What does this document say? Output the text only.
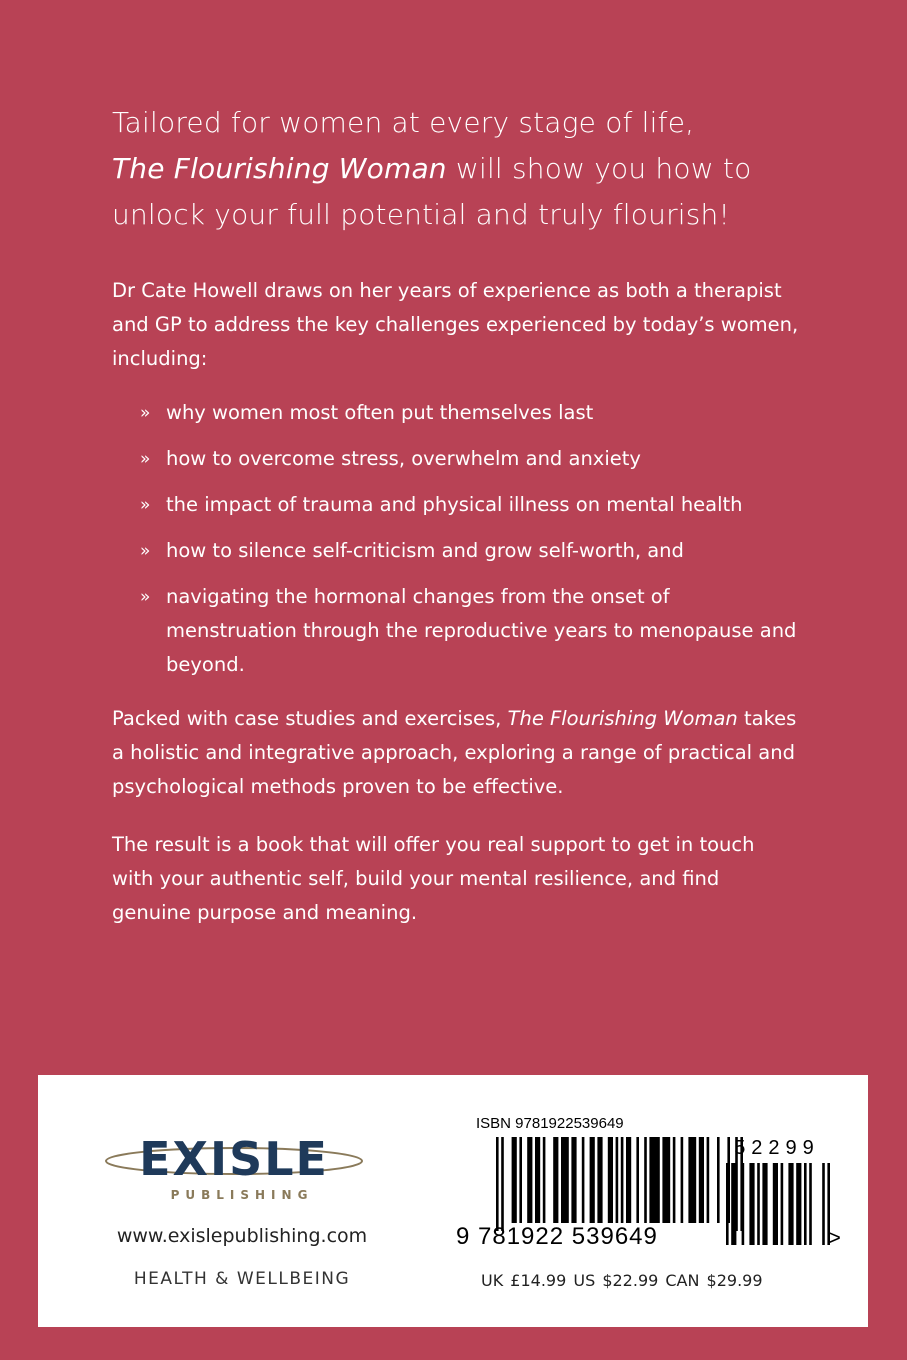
Tailored for women at every stage of life,
The Flourishing Woman will show you how to
unlock your full potential and truly flourish!

Dr Cate Howell draws on her years of experience as both a therapist and GP to address the key challenges experienced by today’s women, including:

» why women most often put themselves last
» how to overcome stress, overwhelm and anxiety
» the impact of trauma and physical illness on mental health
» how to silence self-criticism and grow self-worth, and
» navigating the hormonal changes from the onset of menstruation through the reproductive years to menopause and beyond.

Packed with case studies and exercises, The Flourishing Woman takes a holistic and integrative approach, exploring a range of practical and psychological methods proven to be effective.

The result is a book that will offer you real support to get in touch with your authentic self, build your mental resilience, and find genuine purpose and meaning.

EXISLE
PUBLISHING
www.exislepublishing.com
HEALTH & WELLBEING
ISBN 9781922539649
52299
9 781922 539649	>
UK £14.99 US $22.99 CAN $29.99
